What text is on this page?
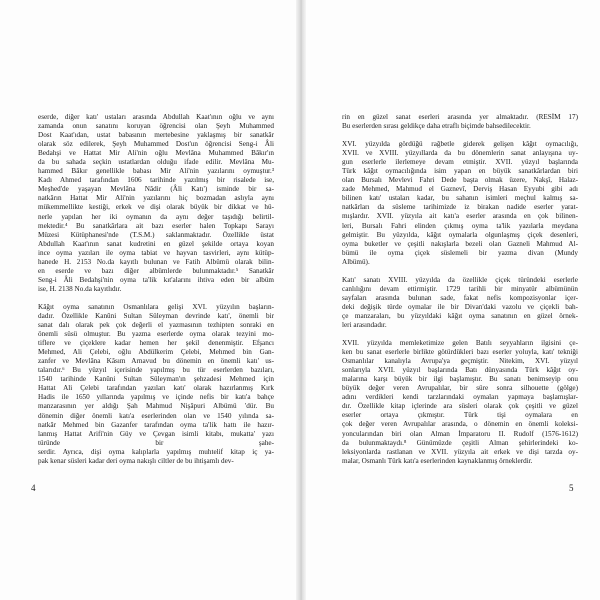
eserde, diğer katı' ustaları arasında Abdullah Kaat'ının oğlu ve aynı
zamanda onun sanatını koruyan öğrencisi olan Şeyh Muhammed
Dost Kaat'ıdan, ustat babasının mertebesine yaklaşmış bir sanatkâr
olarak söz edilerek, Şeyh Muhammed Dost'un öğrencisi Seng-i Âli
Bedahşi ve Hattat Mir Ali'nin oğlu Mevlâna Muhammed Bâkır'ın
da bu sahada seçkin ustatlardan olduğu ifade edilir. Mevlâna Mu-
hammed Bâkır genellikle babası Mir Ali'nin yazılarını oymuştur.³
Kadı Ahmed tarafından 1606 tarihinde yazılmış bir risalede ise,
Meşhed'de yaşayan Mevlâna Nâdir (Âli Katı') isminde bir sa-
natkârın Hattat Mir Ali'nin yazılarını hiç bozmadan aslıyla aynı
mükemmellikte kestiği, erkek ve dişi olarak büyük bir dikkat ve hü-
nerle yapılan her iki oymanın da aynı değer taşıdığı belirtil-
mektedir.⁴ Bu sanatkârlara ait bazı eserler halen Topkapı Sarayı
Müzesi Kütüphanesi'nde (T.S.M.) saklanmaktadır. Özellikle üstat
Abdullah Kaat'ının sanat kudretini en güzel şekilde ortaya koyan
ince oyma yazıları ile oyma tabiat ve hayvan tasvirleri, aynı kütüp-
hanede H. 2153 No.da kayıtlı bulunan ve Fatih Albümü olarak bilin-
en eserde ve bazı diğer albümlerde bulunmaktadır.⁵ Sanatkâr
Seng-i Âli Bedahşi'nin oyma ta'lik kıt'alarını ihtiva eden bir albüm
ise, H. 2138 No.da kayıtlıdır.

Kâğıt oyma sanatının Osmanlılara gelişi XVI. yüzyılın başların-
dadır. Özellikle Kanûni Sultan Süleyman devrinde katı', önemli bir
sanat dalı olarak pek çok değerli el yazmasının tezhipten sonraki en
önemli süsü olmuştur. Bu yazma eserlerde oyma olarak tezyini mo-
tiflere ve çiçeklere kadar hemen her şekil denenmiştir. Efşancı
Mehmed, Ali Çelebi, oğlu Abdülkerim Çelebi, Mehmed bin Gan-
zanfer ve Mevlâna Kâsım Arnavud bu dönemin en önemli katı' us-
talarıdır.⁶ Bu yüzyıl içerisinde yapılmış bu tür eserlerden bazıları,
1540 tarihinde Kanûni Sultan Süleyman'ın şehzadesi Mehmed için
Hattat Ali Çelebi tarafından yazıları katı' olarak hazırlanmış Kırk
Hadis ile 1650 yıllarında yapılmış ve içinde nefis bir katı'a bahçe
manzarasının yer aldığı Şah Mahmud Nişâpuri Albümü 'dür. Bu
dönemin diğer önemli katı'a eserlerinden olan ve 1540 yılında sa-
natkâr Mehmed bin Gazanfer tarafından oyma ta'lik hattı ile hazır-
lanmış Hattat Arifi'nin Güy ve Çevgan isimli kitabı, mukatta' yazı
türünde bir şahe-
serdir. Ayrıca, dişi oyma kalıplarla yapılmış muhtelif kitap iç ya-
pak kenar süsleri kadar deri oyma nakışlı ciltler de bu ihtişamlı dev-

4

rin en güzel sanat eserleri arasında yer almaktadır. (RESİM 17)
Bu eserlerden sırası geldikçe daha etraflı biçimde bahsedilecektir.

XVI. yüzyılda gördüğü rağbetle giderek gelişen kâğıt oymacılığı,
XVII. ve XVIII. yüzyıllarda da bu dönemlerin sanat anlayışına uy-
gun eserlerle ilerlemeye devam etmiştir. XVII. yüzyıl başlarında
Türk kâğıt oymacılığında isim yapan en büyük sanatkârlardan biri
olan Bursalı Mevlevi Fahri Dede başta olmak üzere, Nakşî, Halaz-
zade Mehmed, Mahmud el Gaznevî, Derviş Hasan Eyyubi gibi adı
bilinen katı' ustaları kadar, bu sahanın isimleri meçhul kalmış sa-
natkârları da süsleme tarihimizde iz birakan nadide eserler yarat-
mışlardır. XVII. yüzyıla ait katı'a eserler arasında en çok bilinen-
leri, Bursalı Fahri elinden çıkmış oyma ta'lik yazılarla meydana
gelmiştir. Bu yüzyılda, kâğıt oymalarla olgunlaşmış çiçek desenleri,
oyma buketler ve çeşitli nakışlarla bezeli olan Gazneli Mahmud Al-
bümü ile oyma çiçek süslemeli bir yazma divan (Mundy
Albümü).

Katı' sanatı XVIII. yüzyılda da özellikle çiçek türündeki eserlerle
canlılığını devam ettirmiştir. 1729 tarihli bir minyatür albümünün
sayfaları arasında bulunan sade, fakat nefis kompozisyonlar içer-
deki değişik türde oymalar ile bir Divan'daki vazolu ve çiçekli bah-
çe manzaraları, bu yüzyıldaki kâğıt oyma sanatının en güzel örnek-
leri arasındadır.

XVII. yüzyılda memleketimize gelen Batılı seyyahların ilgisini çe-
ken bu sanat eserlerle birlikte götürdükleri bazı eserler yoluyla, katı' tekniği
Osmanlılar kanalıyla Avrupa'ya geçmiştir. Nitekim, XVI. yüzyıl
sonlarıyla XVII. yüzyıl başlarında Batı dünyasında Türk kâğıt oy-
malarına karşı büyük bir ilgi başlamıştır. Bu sanatı benimseyip onu
büyük değer veren Avrupalılar, bir süre sonra silhouette (gölge)
adını verdikleri kendi tarzlarındaki oymaları yapmaya başlamışlar-
dır. Özellikle kitap içlerinde ara süsleri olarak çok çeşitli ve güzel
eserler ortaya çıkmıştır. Türk tişi oymalara en
çok değer veren Avrupalılar arasında, o dönemin en önemli koleksi-
yoncularından biri olan Alman İmparatoru II. Rudolf (1576-1612)
da bulunmaktaydı.⁸ Günümüzde çeşitli Alman şehirlerindeki ko-
leksiyonlarda rastlanan ve XVII. yüzyıla ait erkek ve dişi tarzda oy-
malar, Osmanlı Türk katı'a eserlerinden kaynaklanmış örneklerdir.

5
